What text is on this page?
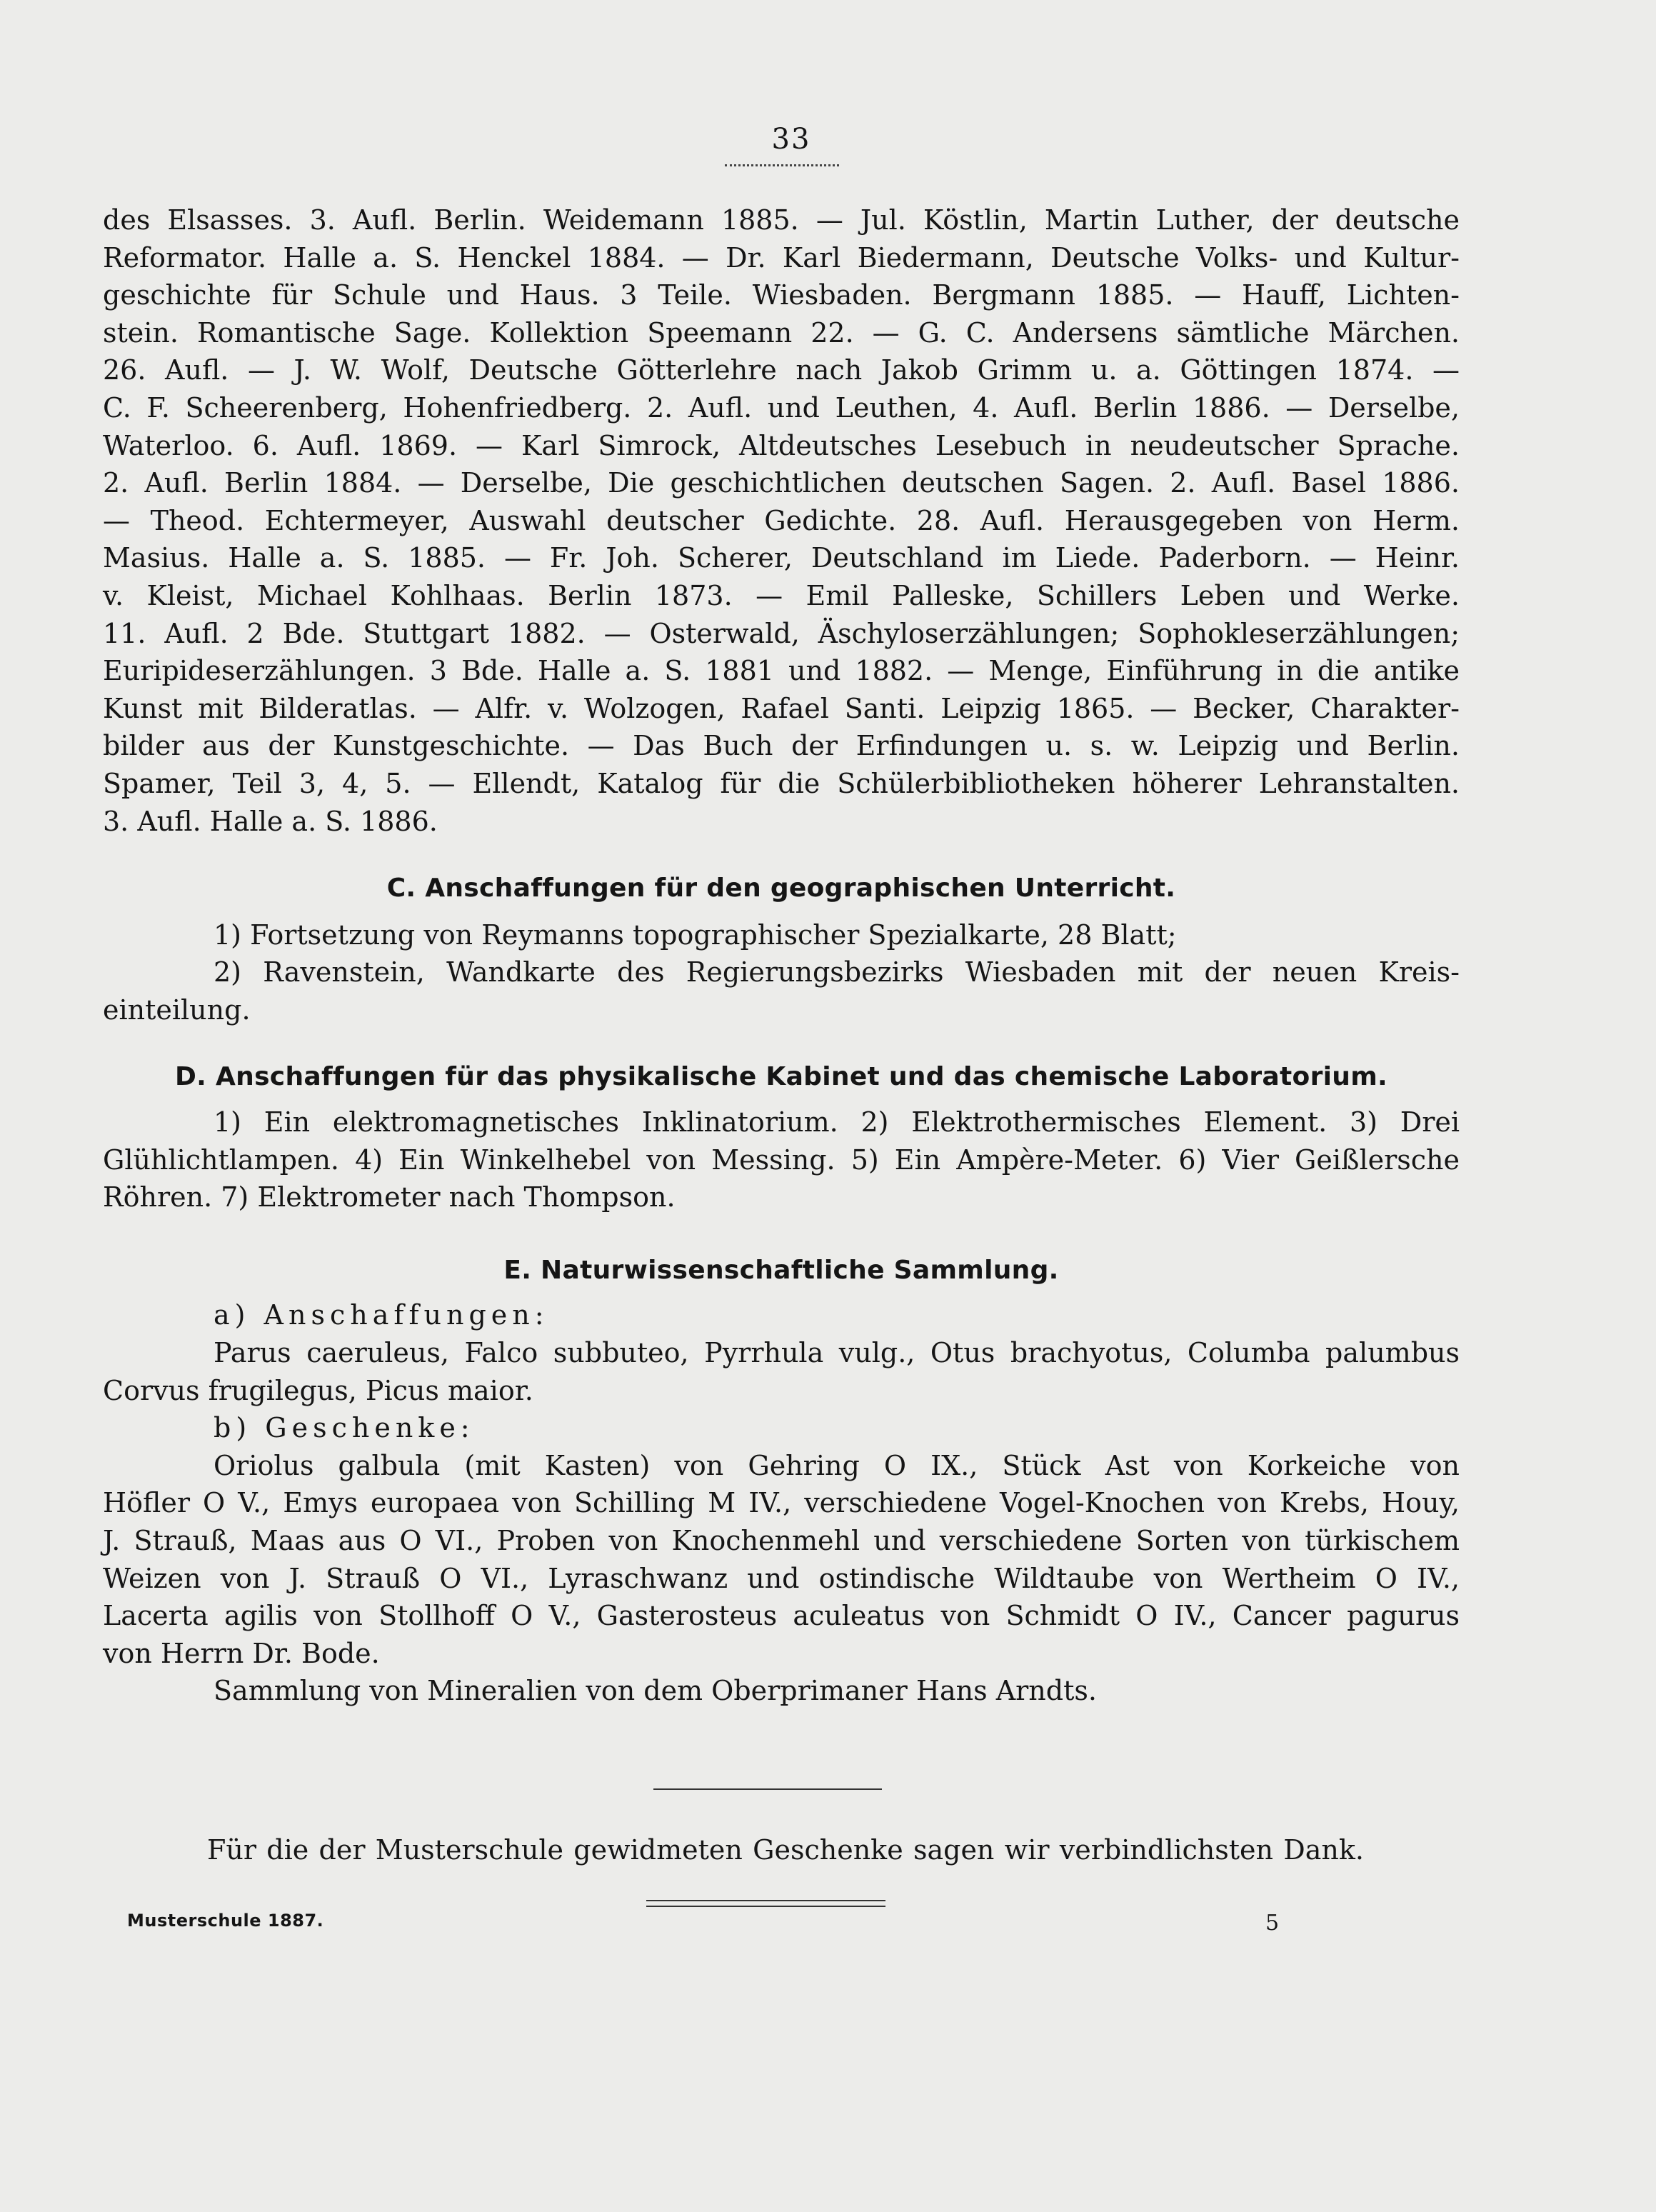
33
des Elsasses. 3. Aufl. Berlin. Weidemann 1885. — Jul. Köstlin, Martin Luther, der deutsche
Reformator. Halle a. S. Henckel 1884. — Dr. Karl Biedermann, Deutsche Volks- und Kultur-
geschichte für Schule und Haus. 3 Teile. Wiesbaden. Bergmann 1885. — Hauff, Lichten-
stein. Romantische Sage. Kollektion Speemann 22. — G. C. Andersens sämtliche Märchen.
26. Aufl. — J. W. Wolf, Deutsche Götterlehre nach Jakob Grimm u. a. Göttingen 1874. —
C. F. Scheerenberg, Hohenfriedberg. 2. Aufl. und Leuthen, 4. Aufl. Berlin 1886. — Derselbe,
Waterloo. 6. Aufl. 1869. — Karl Simrock, Altdeutsches Lesebuch in neudeutscher Sprache.
2. Aufl. Berlin 1884. — Derselbe, Die geschichtlichen deutschen Sagen. 2. Aufl. Basel 1886.
— Theod. Echtermeyer, Auswahl deutscher Gedichte. 28. Aufl. Herausgegeben von Herm.
Masius. Halle a. S. 1885. — Fr. Joh. Scherer, Deutschland im Liede. Paderborn. — Heinr.
v. Kleist, Michael Kohlhaas. Berlin 1873. — Emil Palleske, Schillers Leben und Werke.
11. Aufl. 2 Bde. Stuttgart 1882. — Osterwald, Äschyloserzählungen; Sophokleserzählungen;
Euripideserzählungen. 3 Bde. Halle a. S. 1881 und 1882. — Menge, Einführung in die antike
Kunst mit Bilderatlas. — Alfr. v. Wolzogen, Rafael Santi. Leipzig 1865. — Becker, Charakter-
bilder aus der Kunstgeschichte. — Das Buch der Erfindungen u. s. w. Leipzig und Berlin.
Spamer, Teil 3, 4, 5. — Ellendt, Katalog für die Schülerbibliotheken höherer Lehranstalten.
3. Aufl. Halle a. S. 1886.
C. Anschaffungen für den geographischen Unterricht.
1) Fortsetzung von Reymanns topographischer Spezialkarte, 28 Blatt;
2) Ravenstein, Wandkarte des Regierungsbezirks Wiesbaden mit der neuen Kreis-
einteilung.
D. Anschaffungen für das physikalische Kabinet und das chemische Laboratorium.
1) Ein elektromagnetisches Inklinatorium. 2) Elektrothermisches Element. 3) Drei
Glühlichtlampen. 4) Ein Winkelhebel von Messing. 5) Ein Ampère-Meter. 6) Vier Geißlersche
Röhren. 7) Elektrometer nach Thompson.
E. Naturwissenschaftliche Sammlung.
a) Anschaffungen:
Parus caeruleus, Falco subbuteo, Pyrrhula vulg., Otus brachyotus, Columba palumbus
Corvus frugilegus, Picus maior.
b) Geschenke:
Oriolus galbula (mit Kasten) von Gehring O IX., Stück Ast von Korkeiche von
Höfler O V., Emys europaea von Schilling M IV., verschiedene Vogel-Knochen von Krebs, Houy,
J. Strauß, Maas aus O VI., Proben von Knochenmehl und verschiedene Sorten von türkischem
Weizen von J. Strauß O VI., Lyraschwanz und ostindische Wildtaube von Wertheim O IV.,
Lacerta agilis von Stollhoff O V., Gasterosteus aculeatus von Schmidt O IV., Cancer pagurus
von Herrn Dr. Bode.
Sammlung von Mineralien von dem Oberprimaner Hans Arndts.
Für die der Musterschule gewidmeten Geschenke sagen wir verbindlichsten Dank.
Musterschule 1887.	5
